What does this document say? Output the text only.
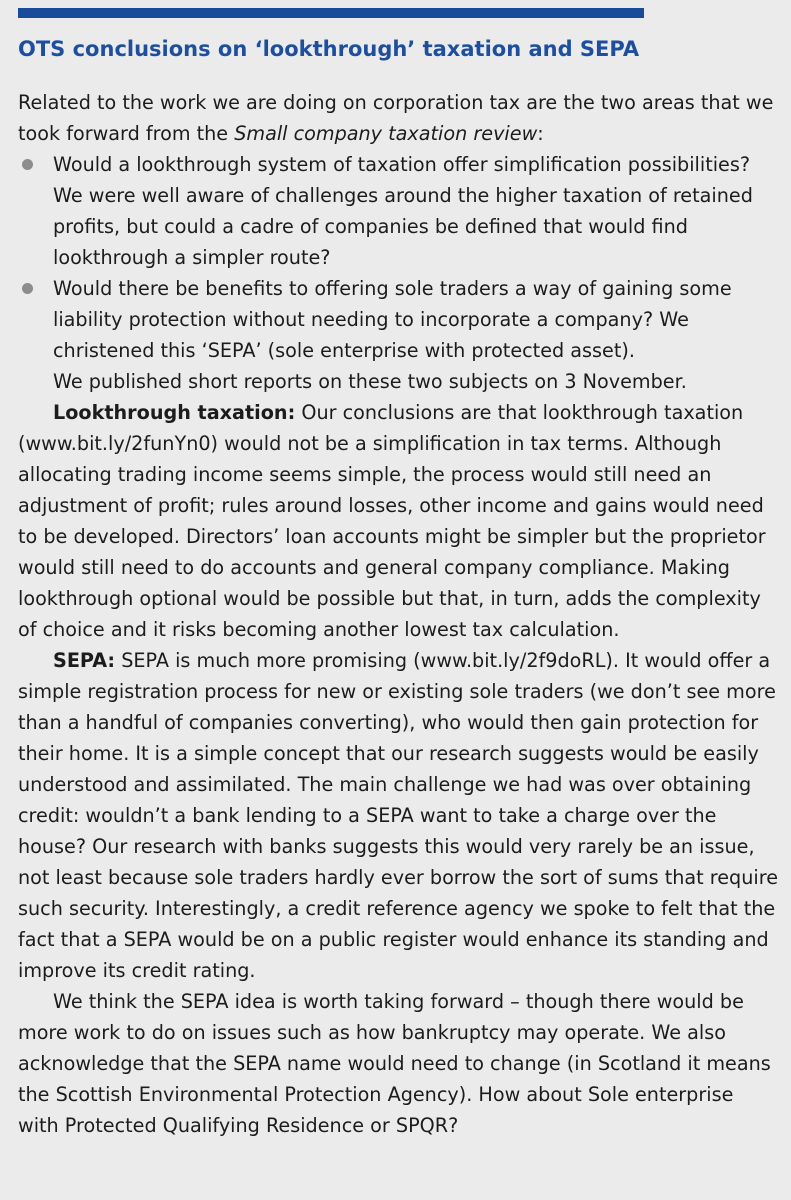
OTS conclusions on ‘lookthrough’ taxation and SEPA

Related to the work we are doing on corporation tax are the two areas that we took forward from the Small company taxation review:

Would a lookthrough system of taxation offer simplification possibilities? We were well aware of challenges around the higher taxation of retained profits, but could a cadre of companies be defined that would find lookthrough a simpler route?
Would there be benefits to offering sole traders a way of gaining some liability protection without needing to incorporate a company? We christened this ‘SEPA’ (sole enterprise with protected asset).

We published short reports on these two subjects on 3 November.

Lookthrough taxation: Our conclusions are that lookthrough taxation (www.bit.ly/2funYn0) would not be a simplification in tax terms. Although allocating trading income seems simple, the process would still need an adjustment of profit; rules around losses, other income and gains would need to be developed. Directors’ loan accounts might be simpler but the proprietor would still need to do accounts and general company compliance. Making lookthrough optional would be possible but that, in turn, adds the complexity of choice and it risks becoming another lowest tax calculation.

SEPA: SEPA is much more promising (www.bit.ly/2f9doRL). It would offer a simple registration process for new or existing sole traders (we don’t see more than a handful of companies converting), who would then gain protection for their home. It is a simple concept that our research suggests would be easily understood and assimilated. The main challenge we had was over obtaining credit: wouldn’t a bank lending to a SEPA want to take a charge over the house? Our research with banks suggests this would very rarely be an issue, not least because sole traders hardly ever borrow the sort of sums that require such security. Interestingly, a credit reference agency we spoke to felt that the fact that a SEPA would be on a public register would enhance its standing and improve its credit rating.

We think the SEPA idea is worth taking forward – though there would be more work to do on issues such as how bankruptcy may operate. We also acknowledge that the SEPA name would need to change (in Scotland it means the Scottish Environmental Protection Agency). How about Sole enterprise with Protected Qualifying Residence or SPQR?
